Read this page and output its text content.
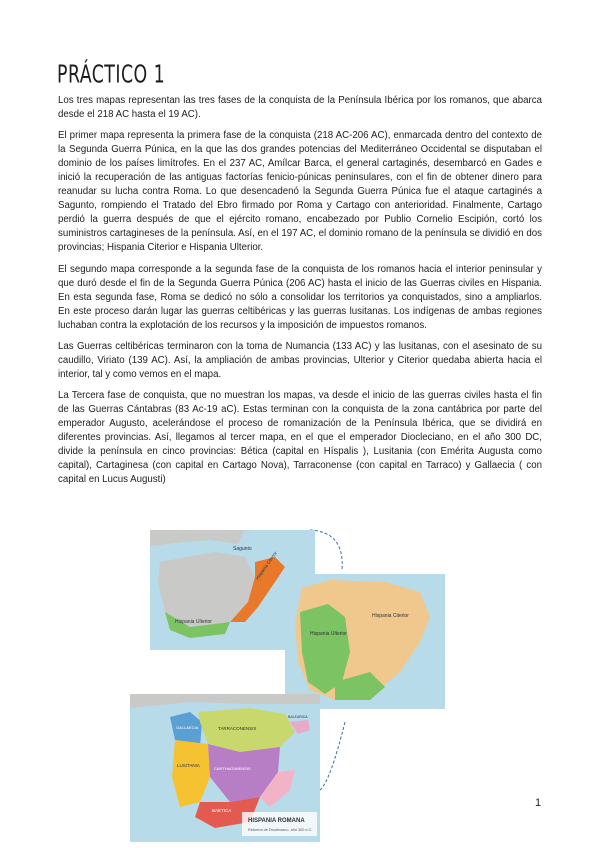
PRÁCTICO 1

Los tres mapas representan las tres fases de la conquista de la Península Ibérica por los romanos, que abarca desde el 218 AC hasta el 19 AC).

El primer mapa representa la primera fase de la conquista (218 AC-206 AC), enmarcada dentro del contexto de la Segunda Guerra Púnica, en la que las dos grandes potencias del Mediterráneo Occidental se disputaban el dominio de los países limítrofes. En el 237 AC, Amílcar Barca, el general cartaginés, desembarcó en Gades e inició la recuperación de las antiguas factorías fenicio-púnicas peninsulares, con el fin de obtener dinero para reanudar su lucha contra Roma. Lo que desencadenó la Segunda Guerra Púnica fue el ataque cartaginés a Sagunto, rompiendo el Tratado del Ebro firmado por Roma y Cartago con anterioridad. Finalmente, Cartago perdió la guerra después de que el ejército romano, encabezado por Publio Cornelio Escipión, cortó los suministros cartagineses de la península. Así, en el 197 AC, el dominio romano de la península se dividió en dos provincias; Hispania Citerior e Hispania Ulterior.

El segundo mapa corresponde a la segunda fase de la conquista de los romanos hacia el interior peninsular y que duró desde el fin de la Segunda Guerra Púnica (206 AC) hasta el inicio de las Guerras civiles en Hispania. En esta segunda fase, Roma se dedicó no sólo a consolidar los territorios ya conquistados, sino a ampliarlos. En este proceso darán lugar las guerras celtibéricas y las guerras lusitanas. Los indígenas de ambas regiones luchaban contra la explotación de los recursos y la imposición de impuestos romanos.

Las Guerras celtibéricas terminaron con la toma de Numancia (133 AC) y las lusitanas, con el asesinato de su caudillo, Viriato (139 AC). Así, la ampliación de ambas provincias, Ulterior y Citerior quedaba abierta hacia el interior, tal y como vemos en el mapa.

La Tercera fase de conquista, que no muestran los mapas, va desde el inicio de las guerras civiles hasta el fin de las Guerras Cántabras (83 Ac-19 aC). Estas terminan con la conquista de la zona cantábrica por parte del emperador Augusto, acelerándose el proceso de romanización de la Península Ibérica, que se dividirá en diferentes provincias. Así, llegamos al tercer mapa, en el que el emperador Diocleciano, en el año 300 DC, divide la península en cinco provincias: Bética (capital en Híspalis ), Lusitania (con Emérita Augusta como capital), Cartaginesa (con capital en Cartago Nova), Tarraconense (con capital en Tarraco) y Gallaecia ( con capital en Lucus Augusti)

Sagunto
Hispania Citerior
Hispania Ulterior
Hispania Ulterior
Hispania Citerior
GALLAECIA	TARRACONENSIS
CARTHAGINIENSIS
LUSITANIA
BAETICA
BALEARICA
HISPANIA ROMANA
Reforma de Diocleciano, año 300 d.C.
1
